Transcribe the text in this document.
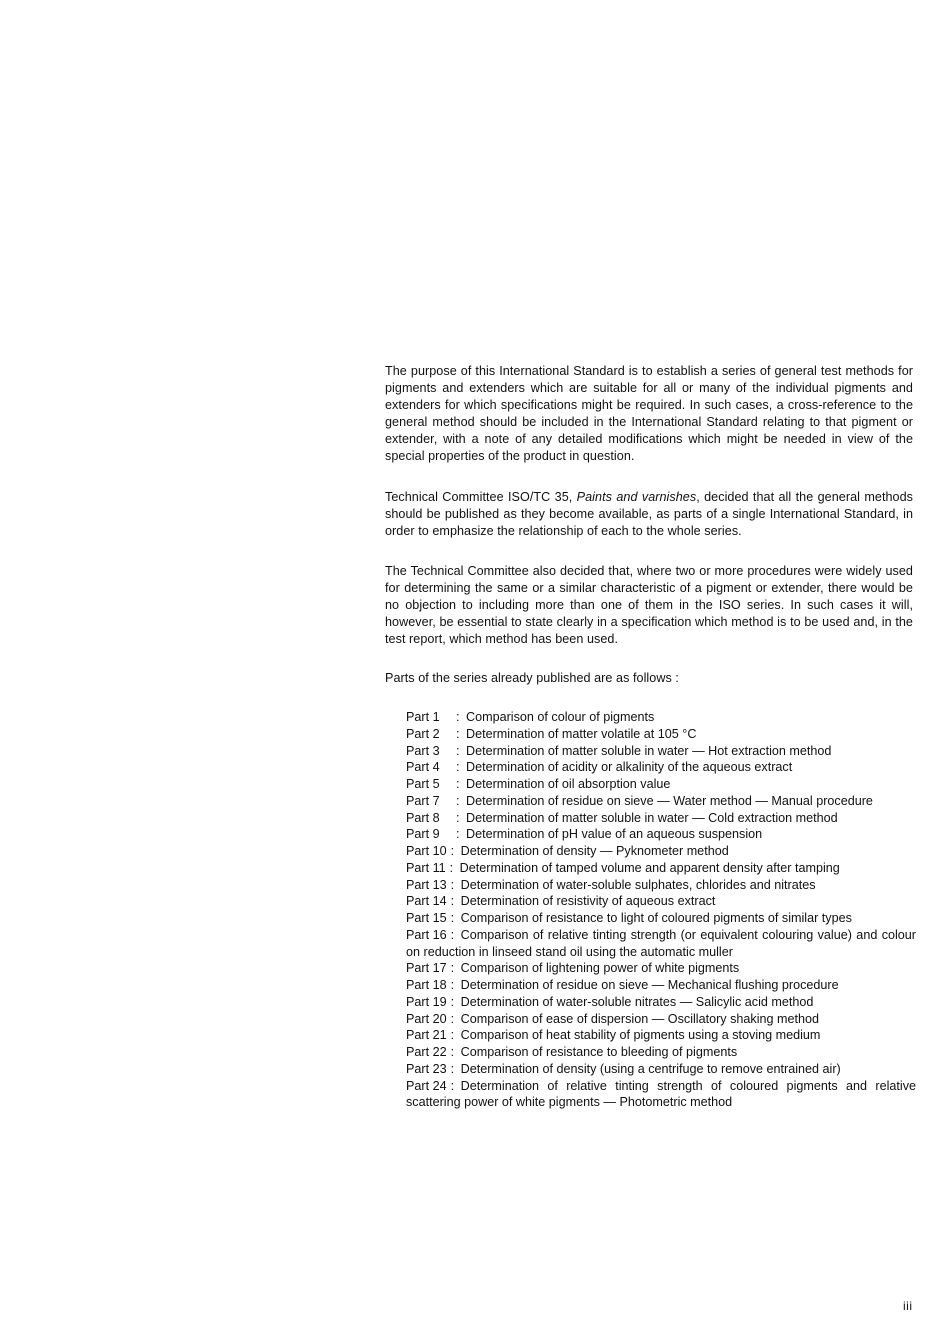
The purpose of this International Standard is to establish a series of general test methods for pigments and extenders which are suitable for all or many of the individual pigments and extenders for which specifications might be required. In such cases, a cross-reference to the general method should be included in the International Standard relating to that pigment or extender, with a note of any detailed modifications which might be needed in view of the special properties of the product in question.

Technical Committee ISO/TC 35, Paints and varnishes, decided that all the general methods should be published as they become available, as parts of a single International Standard, in order to emphasize the relationship of each to the whole series.

The Technical Committee also decided that, where two or more procedures were widely used for determining the same or a similar characteristic of a pigment or extender, there would be no objection to including more than one of them in the ISO series. In such cases it will, however, be essential to state clearly in a specification which method is to be used and, in the test report, which method has been used.

Parts of the series already published are as follows :

Part 1 : Comparison of colour of pigments
Part 2 : Determination of matter volatile at 105 °C
Part 3 : Determination of matter soluble in water — Hot extraction method
Part 4 : Determination of acidity or alkalinity of the aqueous extract
Part 5 : Determination of oil absorption value
Part 7 : Determination of residue on sieve — Water method — Manual procedure
Part 8 : Determination of matter soluble in water — Cold extraction method
Part 9 : Determination of pH value of an aqueous suspension
Part 10 : Determination of density — Pyknometer method
Part 11 : Determination of tamped volume and apparent density after tamping
Part 13 : Determination of water-soluble sulphates, chlorides and nitrates
Part 14 : Determination of resistivity of aqueous extract
Part 15 : Comparison of resistance to light of coloured pigments of similar types
Part 16 : Comparison of relative tinting strength (or equivalent colouring value) and colour on reduction in linseed stand oil using the automatic muller
Part 17 : Comparison of lightening power of white pigments
Part 18 : Determination of residue on sieve — Mechanical flushing procedure
Part 19 : Determination of water-soluble nitrates — Salicylic acid method
Part 20 : Comparison of ease of dispersion — Oscillatory shaking method
Part 21 : Comparison of heat stability of pigments using a stoving medium
Part 22 : Comparison of resistance to bleeding of pigments
Part 23 : Determination of density (using a centrifuge to remove entrained air)
Part 24 : Determination of relative tinting strength of coloured pigments and relative scattering power of white pigments — Photometric method
iii
